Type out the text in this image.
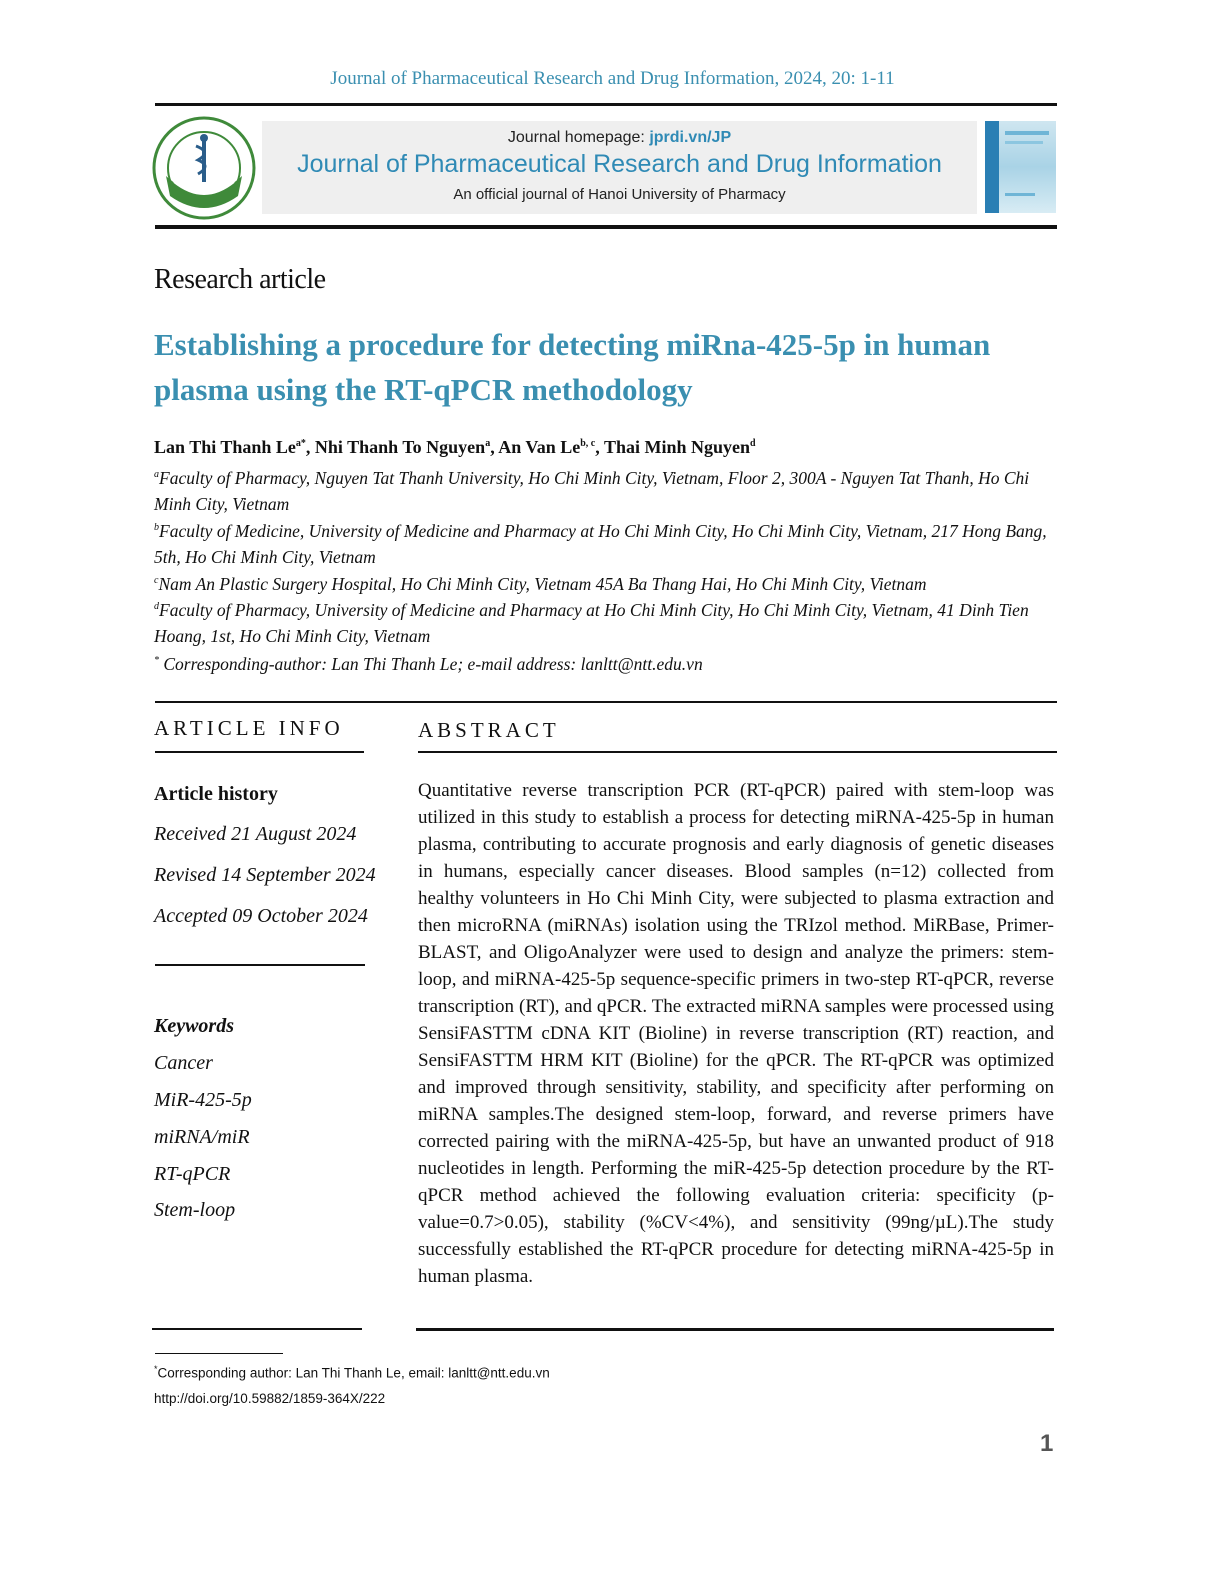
Journal of Pharmaceutical Research and Drug Information, 2024, 20: 1-11
Journal homepage: jprdi.vn/JP
Journal of Pharmaceutical Research and Drug Information
An official journal of Hanoi University of Pharmacy
Research article
Establishing a procedure for detecting miRna-425-5p in human
plasma using the RT-qPCR methodology
Lan Thi Thanh $Le^{a*}$, Nhi Thanh To Nguyen$^a$, An Van Le$^{b, c}$, Thai Minh Nguyen$^d$
$^a$Faculty of Pharmacy, Nguyen Tat Thanh University, Ho Chi Minh City, Vietnam, Floor 2, 300A - Nguyen Tat Thanh, Ho Chi Minh City, Vietnam
$^b$Faculty of Medicine, University of Medicine and Pharmacy at Ho Chi Minh City, Ho Chi Minh City, Vietnam, 217 Hong Bang, 5th, Ho Chi Minh City, Vietnam
$^c$Nam An Plastic Surgery Hospital, Ho Chi Minh City, Vietnam 45A Ba Thang Hai, Ho Chi Minh City, Vietnam
$^d$Faculty of Pharmacy, University of Medicine and Pharmacy at Ho Chi Minh City, Ho Chi Minh City, Vietnam, 41 Dinh Tien Hoang, 1st, Ho Chi Minh City, Vietnam
* Corresponding-author: Lan Thi Thanh Le; e-mail address: lanltt@ntt.edu.vn
ARTICLE INFO
Article history
Received 21 August 2024
Revised 14 September 2024
Accepted 09 October 2024
Keywords
Cancer
MiR-425-5p
miRNA/miR
RT-qPCR
Stem-loop
ABSTRACT
Quantitative reverse transcription PCR (RT-qPCR) paired with stem-loop was utilized in this study to establish a process for detecting miRNA-425-5p in human plasma, contributing to accurate prognosis and early diagnosis of genetic diseases in humans, especially cancer diseases. Blood samples (n=12) collected from healthy volunteers in Ho Chi Minh City, were subjected to plasma extraction and then microRNA (miRNAs) isolation using the TRIzol method. MiRBase, Primer-BLAST, and OligoAnalyzer were used to design and analyze the primers: stem-loop, and miRNA-425-5p sequence-specific primers in two-step RT-qPCR, reverse transcription (RT), and qPCR. The extracted miRNA samples were processed using SensiFASTTM cDNA KIT (Bioline) in reverse transcription (RT) reaction, and SensiFASTTM HRM KIT (Bioline) for the qPCR. The RT-qPCR was optimized and improved through sensitivity, stability, and specificity after performing on miRNA samples.The designed stem-loop, forward, and reverse primers have corrected pairing with the miRNA-425-5p, but have an unwanted product of 918 nucleotides in length. Performing the miR-425-5p detection procedure by the RT-qPCR method achieved the following evaluation criteria: specificity (p-value=0.7>0.05), stability (%CV<4%), and sensitivity (99ng/µL).The study successfully established the RT-qPCR procedure for detecting miRNA-425-5p in human plasma.
*Corresponding author: Lan Thi Thanh Le, email: lanltt@ntt.edu.vn
http://doi.org/10.59882/1859-364X/222
1
